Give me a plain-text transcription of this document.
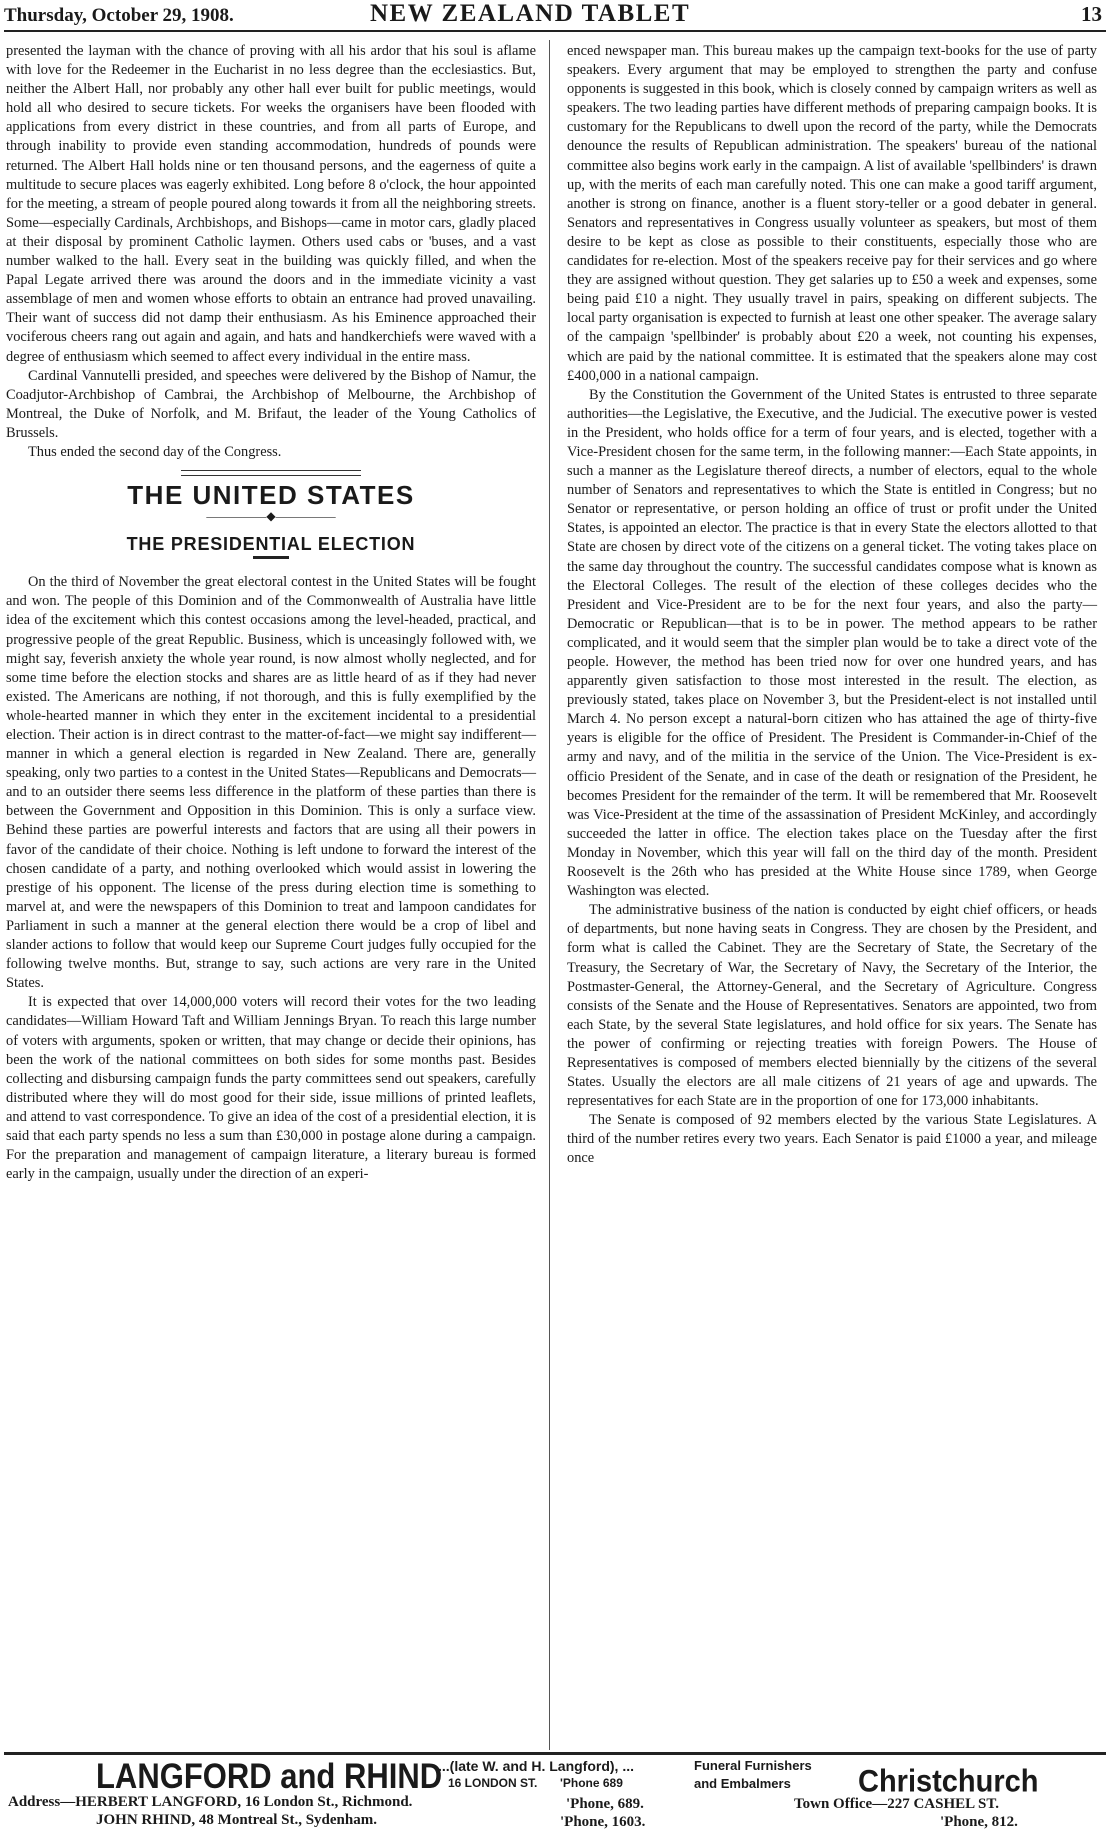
Thursday, October 29, 1908.	NEW ZEALAND TABLET	13

presented the layman with the chance of proving with all his ardor that his soul is aflame with love for the Redeemer in the Eucharist in no less degree than the ecclesiastics. But, neither the Albert Hall, nor probably any other hall ever built for public meetings, would hold all who desired to secure tickets. For weeks the organisers have been flooded with applications from every district in these countries, and from all parts of Europe, and through inability to provide even standing accommodation, hundreds of pounds were returned. The Albert Hall holds nine or ten thousand persons, and the eagerness of quite a multitude to secure places was eagerly exhibited. Long before 8 o'clock, the hour appointed for the meeting, a stream of people poured along towards it from all the neighboring streets. Some—especially Cardinals, Archbishops, and Bishops—came in motor cars, gladly placed at their disposal by prominent Catholic laymen. Others used cabs or 'buses, and a vast number walked to the hall. Every seat in the building was quickly filled, and when the Papal Legate arrived there was around the doors and in the immediate vicinity a vast assemblage of men and women whose efforts to obtain an entrance had proved unavailing. Their want of success did not damp their enthusiasm. As his Eminence approached their vociferous cheers rang out again and again, and hats and handkerchiefs were waved with a degree of enthusiasm which seemed to affect every individual in the entire mass.

Cardinal Vannutelli presided, and speeches were delivered by the Bishop of Namur, the Coadjutor-Archbishop of Cambrai, the Archbishop of Melbourne, the Archbishop of Montreal, the Duke of Norfolk, and M. Brifaut, the leader of the Young Catholics of Brussels.

Thus ended the second day of the Congress.

THE UNITED STATES
—————◆—————
THE PRESIDENTIAL ELECTION

On the third of November the great electoral contest in the United States will be fought and won. The people of this Dominion and of the Commonwealth of Australia have little idea of the excitement which this contest occasions among the level-headed, practical, and progressive people of the great Republic. Business, which is unceasingly followed with, we might say, feverish anxiety the whole year round, is now almost wholly neglected, and for some time before the election stocks and shares are as little heard of as if they had never existed. The Americans are nothing, if not thorough, and this is fully exemplified by the whole-hearted manner in which they enter in the excitement incidental to a presidential election. Their action is in direct contrast to the matter-of-fact—we might say indifferent—manner in which a general election is regarded in New Zealand. There are, generally speaking, only two parties to a contest in the United States—Republicans and Democrats—and to an outsider there seems less difference in the platform of these parties than there is between the Government and Opposition in this Dominion. This is only a surface view. Behind these parties are powerful interests and factors that are using all their powers in favor of the candidate of their choice. Nothing is left undone to forward the interest of the chosen candidate of a party, and nothing overlooked which would assist in lowering the prestige of his opponent. The license of the press during election time is something to marvel at, and were the newspapers of this Dominion to treat and lampoon candidates for Parliament in such a manner at the general election there would be a crop of libel and slander actions to follow that would keep our Supreme Court judges fully occupied for the following twelve months. But, strange to say, such actions are very rare in the United States.

It is expected that over 14,000,000 voters will record their votes for the two leading candidates—William Howard Taft and William Jennings Bryan. To reach this large number of voters with arguments, spoken or written, that may change or decide their opinions, has been the work of the national committees on both sides for some months past. Besides collecting and disbursing campaign funds the party committees send out speakers, carefully distributed where they will do most good for their side, issue millions of printed leaflets, and attend to vast correspondence. To give an idea of the cost of a presidential election, it is said that each party spends no less a sum than £30,000 in postage alone during a campaign. For the preparation and management of campaign literature, a literary bureau is formed early in the campaign, usually under the direction of an experi-

enced newspaper man. This bureau makes up the campaign text-books for the use of party speakers. Every argument that may be employed to strengthen the party and confuse opponents is suggested in this book, which is closely conned by campaign writers as well as speakers. The two leading parties have different methods of preparing campaign books. It is customary for the Republicans to dwell upon the record of the party, while the Democrats denounce the results of Republican administration. The speakers' bureau of the national committee also begins work early in the campaign. A list of available 'spellbinders' is drawn up, with the merits of each man carefully noted. This one can make a good tariff argument, another is strong on finance, another is a fluent story-teller or a good debater in general. Senators and representatives in Congress usually volunteer as speakers, but most of them desire to be kept as close as possible to their constituents, especially those who are candidates for re-election. Most of the speakers receive pay for their services and go where they are assigned without question. They get salaries up to £50 a week and expenses, some being paid £10 a night. They usually travel in pairs, speaking on different subjects. The local party organisation is expected to furnish at least one other speaker. The average salary of the campaign 'spellbinder' is probably about £20 a week, not counting his expenses, which are paid by the national committee. It is estimated that the speakers alone may cost £400,000 in a national campaign.

By the Constitution the Government of the United States is entrusted to three separate authorities—the Legislative, the Executive, and the Judicial. The executive power is vested in the President, who holds office for a term of four years, and is elected, together with a Vice-President chosen for the same term, in the following manner:—Each State appoints, in such a manner as the Legislature thereof directs, a number of electors, equal to the whole number of Senators and representatives to which the State is entitled in Congress; but no Senator or representative, or person holding an office of trust or profit under the United States, is appointed an elector. The practice is that in every State the electors allotted to that State are chosen by direct vote of the citizens on a general ticket. The voting takes place on the same day throughout the country. The successful candidates compose what is known as the Electoral Colleges. The result of the election of these colleges decides who the President and Vice-President are to be for the next four years, and also the party—Democratic or Republican—that is to be in power. The method appears to be rather complicated, and it would seem that the simpler plan would be to take a direct vote of the people. However, the method has been tried now for over one hundred years, and has apparently given satisfaction to those most interested in the result. The election, as previously stated, takes place on November 3, but the President-elect is not installed until March 4. No person except a natural-born citizen who has attained the age of thirty-five years is eligible for the office of President. The President is Commander-in-Chief of the army and navy, and of the militia in the service of the Union. The Vice-President is ex-officio President of the Senate, and in case of the death or resignation of the President, he becomes President for the remainder of the term. It will be remembered that Mr. Roosevelt was Vice-President at the time of the assassination of President McKinley, and accordingly succeeded the latter in office. The election takes place on the Tuesday after the first Monday in November, which this year will fall on the third day of the month. President Roosevelt is the 26th who has presided at the White House since 1789, when George Washington was elected.

The administrative business of the nation is conducted by eight chief officers, or heads of departments, but none having seats in Congress. They are chosen by the President, and form what is called the Cabinet. They are the Secretary of State, the Secretary of the Treasury, the Secretary of War, the Secretary of Navy, the Secretary of the Interior, the Postmaster-General, the Attorney-General, and the Secretary of Agriculture. Congress consists of the Senate and the House of Representatives. Senators are appointed, two from each State, by the several State legislatures, and hold office for six years. The Senate has the power of confirming or rejecting treaties with foreign Powers. The House of Representatives is composed of members elected biennially by the citizens of the several States. Usually the electors are all male citizens of 21 years of age and upwards. The representatives for each State are in the proportion of one for 173,000 inhabitants.

The Senate is composed of 92 members elected by the various State Legislatures. A third of the number retires every two years. Each Senator is paid £1000 a year, and mileage once

LANGFORD and RHIND
...(late W. and H. Langford), ...
16 LONDON ST. 'Phone 689
Funeral Furnishers
and Embalmers Christchurch
Address—HERBERT LANGFORD, 16 London St., Richmond.
JOHN RHIND, 48 Montreal St., Sydenham.
'Phone, 689.
'Phone, 1603.
Town Office—227 CASHEL ST.
'Phone, 812.
